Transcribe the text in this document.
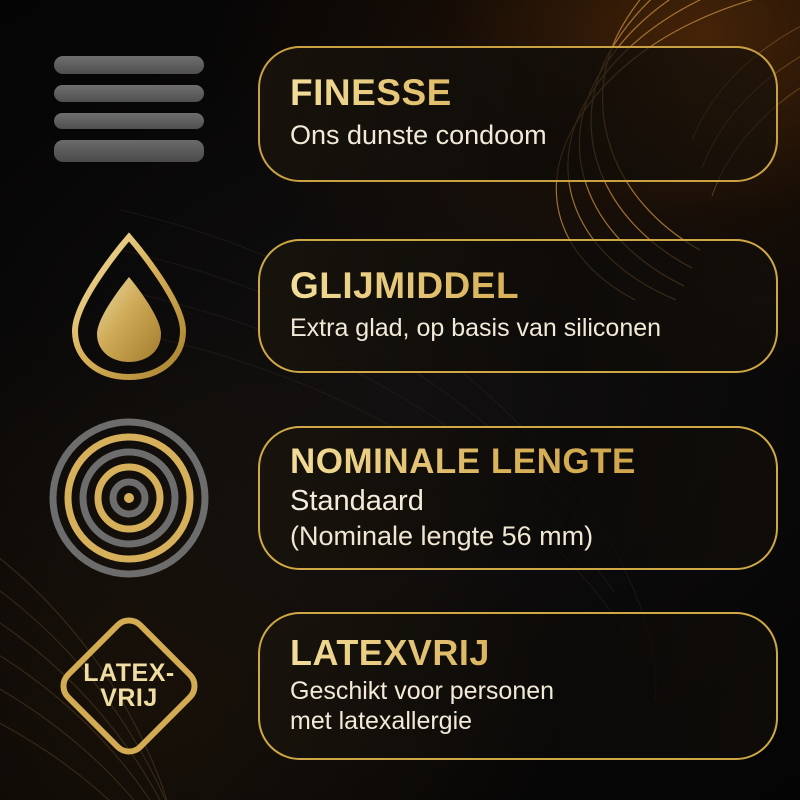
FINESSE
Ons dunste condoom
GLIJMIDDEL
Extra glad, op basis van siliconen
NOMINALE LENGTE
Standaard
(Nominale lengte 56 mm)
LATEX-
VRIJ
LATEXVRIJ
Geschikt voor personen
met latexallergie
